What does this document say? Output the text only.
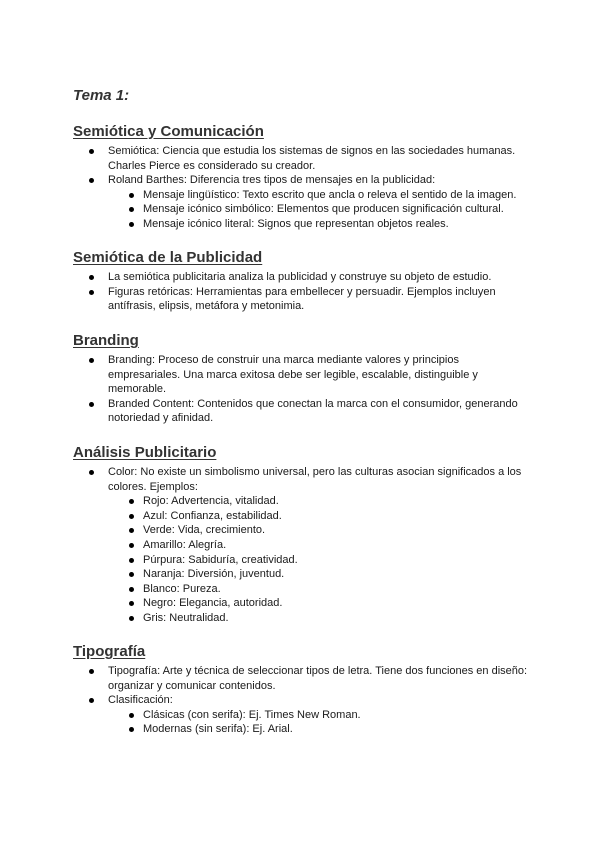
Tema 1:
Semiótica y Comunicación
Semiótica: Ciencia que estudia los sistemas de signos en las sociedades humanas. Charles Pierce es considerado su creador.
Roland Barthes: Diferencia tres tipos de mensajes en la publicidad:
Mensaje lingüístico: Texto escrito que ancla o releva el sentido de la imagen.
Mensaje icónico simbólico: Elementos que producen significación cultural.
Mensaje icónico literal: Signos que representan objetos reales.
Semiótica de la Publicidad
La semiótica publicitaria analiza la publicidad y construye su objeto de estudio.
Figuras retóricas: Herramientas para embellecer y persuadir. Ejemplos incluyen antífrasis, elipsis, metáfora y metonimia.
Branding
Branding: Proceso de construir una marca mediante valores y principios empresariales. Una marca exitosa debe ser legible, escalable, distinguible y memorable.
Branded Content: Contenidos que conectan la marca con el consumidor, generando notoriedad y afinidad.
Análisis Publicitario
Color: No existe un simbolismo universal, pero las culturas asocian significados a los colores. Ejemplos:
Rojo: Advertencia, vitalidad.
Azul: Confianza, estabilidad.
Verde: Vida, crecimiento.
Amarillo: Alegría.
Púrpura: Sabiduría, creatividad.
Naranja: Diversión, juventud.
Blanco: Pureza.
Negro: Elegancia, autoridad.
Gris: Neutralidad.
Tipografía
Tipografía: Arte y técnica de seleccionar tipos de letra. Tiene dos funciones en diseño: organizar y comunicar contenidos.
Clasificación:
Clásicas (con serifa): Ej. Times New Roman.
Modernas (sin serifa): Ej. Arial.
